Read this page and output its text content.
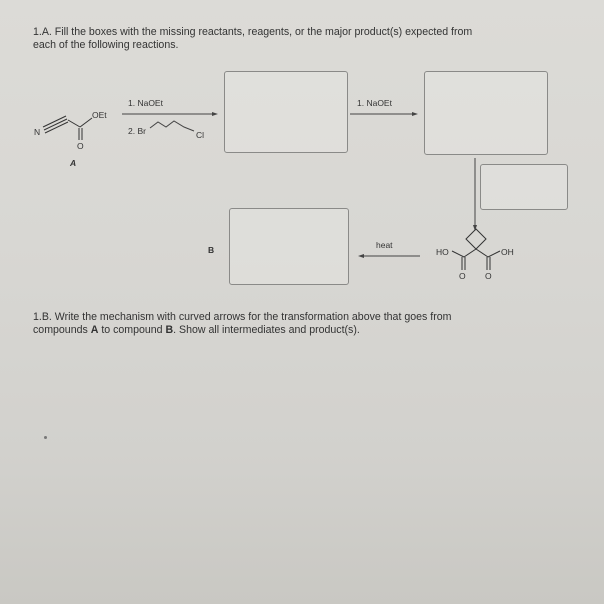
1.A. Fill the boxes with the missing reactants, reagents, or the major product(s) expected from
each of the following reactions.

N
OEt
O
A
1. NaOEt
2. Br	Cl
1. NaOEt
heat
B	HO	OH
O O

1.B. Write the mechanism with curved arrows for the transformation above that goes from
compounds A to compound B. Show all intermediates and product(s).
